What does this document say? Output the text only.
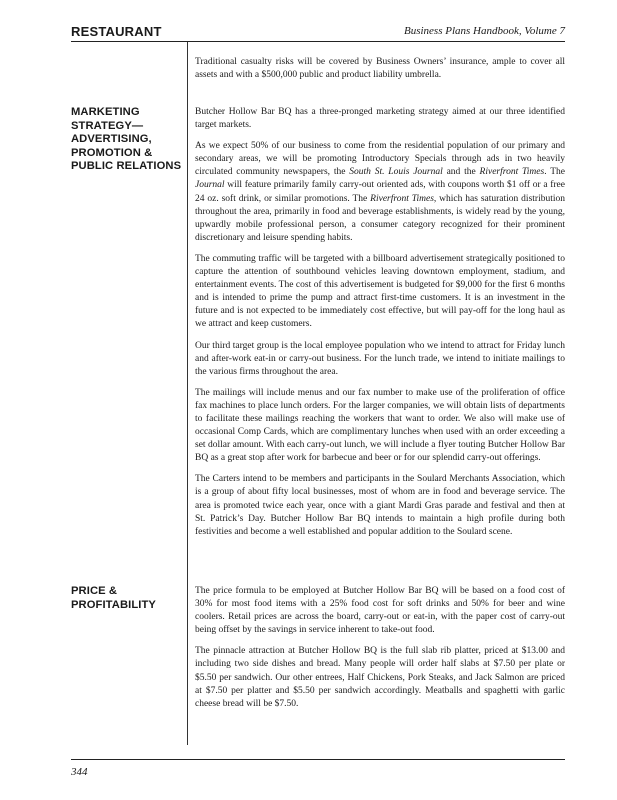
RESTAURANT	Business Plans Handbook, Volume 7

Traditional casualty risks will be covered by Business Owners’ insurance, ample to cover all assets and with a $500,000 public and product liability umbrella.

MARKETING
STRATEGY—
ADVERTISING,
PROMOTION &
PUBLIC RELATIONS

Butcher Hollow Bar BQ has a three-pronged marketing strategy aimed at our three identified target markets.

As we expect 50% of our business to come from the residential population of our primary and secondary areas, we will be promoting Introductory Specials through ads in two heavily circulated community newspapers, the South St. Louis Journal and the Riverfront Times. The Journal will feature primarily family carry-out oriented ads, with coupons worth $1 off or a free 24 oz. soft drink, or similar promotions. The Riverfront Times, which has saturation distribution throughout the area, primarily in food and beverage establishments, is widely read by the young, upwardly mobile professional person, a consumer category recognized for their prominent discretionary and leisure spending habits.

The commuting traffic will be targeted with a billboard advertisement strategically positioned to capture the attention of southbound vehicles leaving downtown employment, stadium, and entertainment events. The cost of this advertisement is budgeted for $9,000 for the first 6 months and is intended to prime the pump and attract first-time customers. It is an investment in the future and is not expected to be immediately cost effective, but will pay-off for the long haul as we attract and keep customers.

Our third target group is the local employee population who we intend to attract for Friday lunch and after-work eat-in or carry-out business. For the lunch trade, we intend to initiate mailings to the various firms throughout the area.

The mailings will include menus and our fax number to make use of the proliferation of office fax machines to place lunch orders. For the larger companies, we will obtain lists of departments to facilitate these mailings reaching the workers that want to order. We also will make use of occasional Comp Cards, which are complimentary lunches when used with an order exceeding a set dollar amount. With each carry-out lunch, we will include a flyer touting Butcher Hollow Bar BQ as a great stop after work for barbecue and beer or for our splendid carry-out offerings.

The Carters intend to be members and participants in the Soulard Merchants Association, which is a group of about fifty local businesses, most of whom are in food and beverage service. The area is promoted twice each year, once with a giant Mardi Gras parade and festival and then at St. Patrick’s Day. Butcher Hollow Bar BQ intends to maintain a high profile during both festivities and become a well established and popular addition to the Soulard scene.

PRICE &
PROFITABILITY

The price formula to be employed at Butcher Hollow Bar BQ will be based on a food cost of 30% for most food items with a 25% food cost for soft drinks and 50% for beer and wine coolers. Retail prices are across the board, carry-out or eat-in, with the paper cost of carry-out being offset by the savings in service inherent to take-out food.

The pinnacle attraction at Butcher Hollow BQ is the full slab rib platter, priced at $13.00 and including two side dishes and bread. Many people will order half slabs at $7.50 per plate or $5.50 per sandwich. Our other entrees, Half Chickens, Pork Steaks, and Jack Salmon are priced at $7.50 per platter and $5.50 per sandwich accordingly. Meatballs and spaghetti with garlic cheese bread will be $7.50.

344
